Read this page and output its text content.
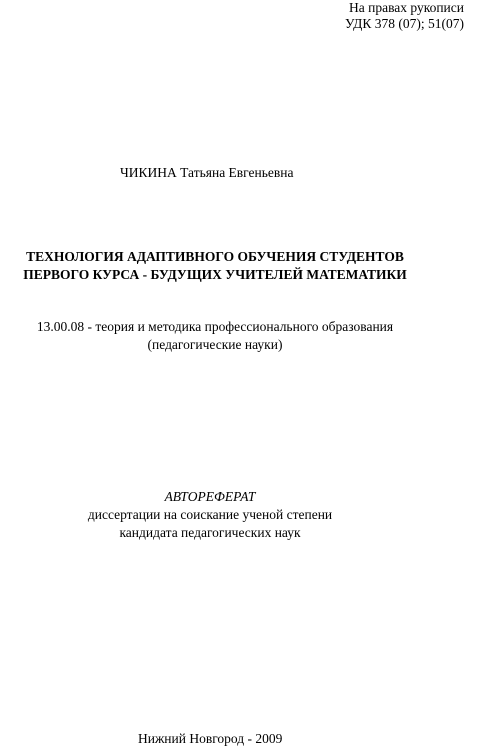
На правах рукописи
УДК 378 (07); 51(07)
ЧИКИНА Татьяна Евгеньевна
ТЕХНОЛОГИЯ АДАПТИВНОГО ОБУЧЕНИЯ СТУДЕНТОВ
ПЕРВОГО КУРСА - БУДУЩИХ УЧИТЕЛЕЙ МАТЕМАТИКИ
13.00.08 - теория и методика профессионального образования
(педагогические науки)
АВТОРЕФЕРАТ
диссертации на соискание ученой степени
кандидата педагогических наук
Нижний Новгород - 2009
